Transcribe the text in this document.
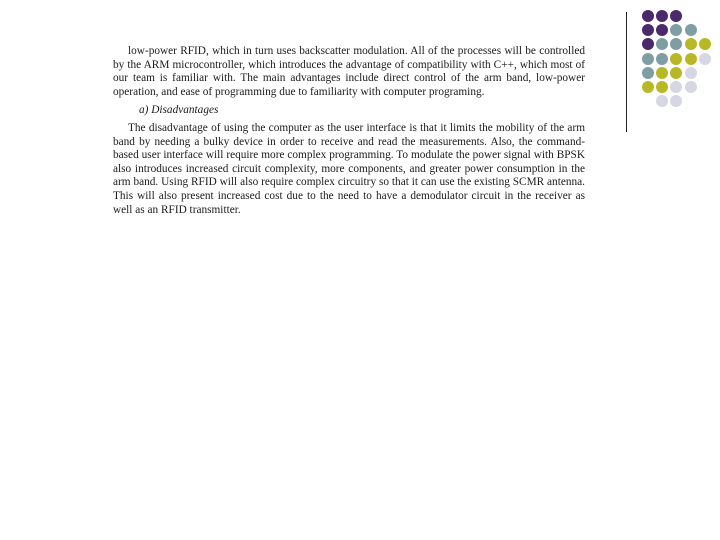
low-power RFID, which in turn uses backscatter modulation. All of the processes will be controlled by the ARM microcontroller, which introduces the advantage of compatibility with C++, which most of our team is familiar with. The main advantages include direct control of the arm band, low-power operation, and ease of programming due to familiarity with computer programing.

a) Disadvantages

The disadvantage of using the computer as the user interface is that it limits the mobility of the arm band by needing a bulky device in order to receive and read the measurements. Also, the command-based user interface will require more complex programming. To modulate the power signal with BPSK also introduces increased circuit complexity, more components, and greater power consumption in the arm band. Using RFID will also require complex circuitry so that it can use the existing SCMR antenna. This will also present increased cost due to the need to have a demodulator circuit in the receiver as well as an RFID transmitter.
